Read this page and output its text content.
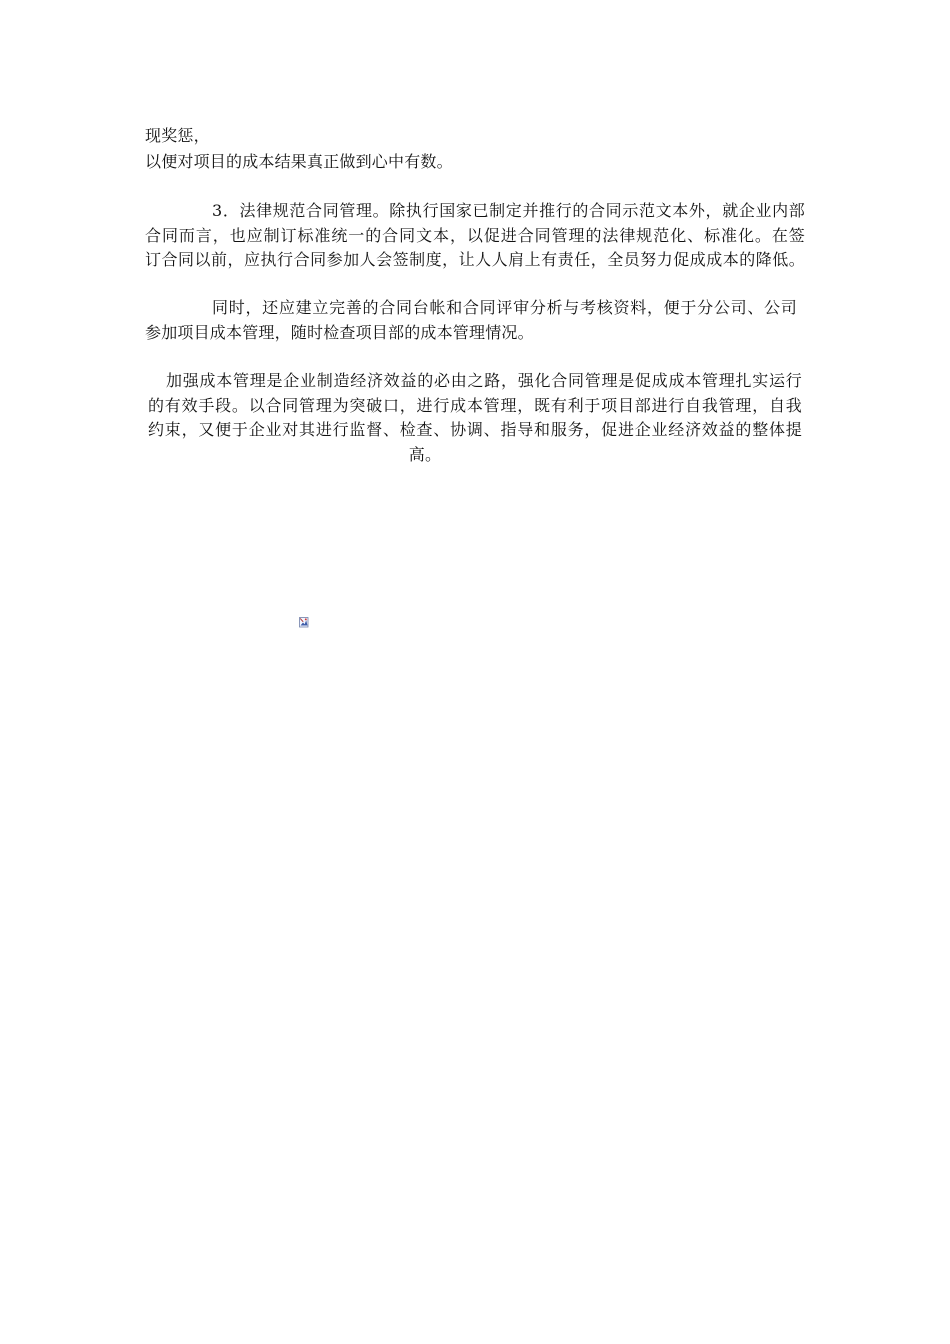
现奖惩，
以便对项目的成本结果真正做到心中有数。
3．法律规范合同管理。除执行国家已制定并推行的合同示范文本外，就企业内部
合同而言，也应制订标准统一的合同文本，以促进合同管理的法律规范化、标准化。在签
订合同以前，应执行合同参加人会签制度，让人人肩上有责任，全员努力促成成本的降低。
同时，还应建立完善的合同台帐和合同评审分析与考核资料，便于分公司、公司
参加项目成本管理，随时检查项目部的成本管理情况。
加强成本管理是企业制造经济效益的必由之路，强化合同管理是促成成本管理扎实运行
的有效手段。以合同管理为突破口，进行成本管理，既有利于项目部进行自我管理，自我
约束，又便于企业对其进行监督、检查、协调、指导和服务，促进企业经济效益的整体提
高。
